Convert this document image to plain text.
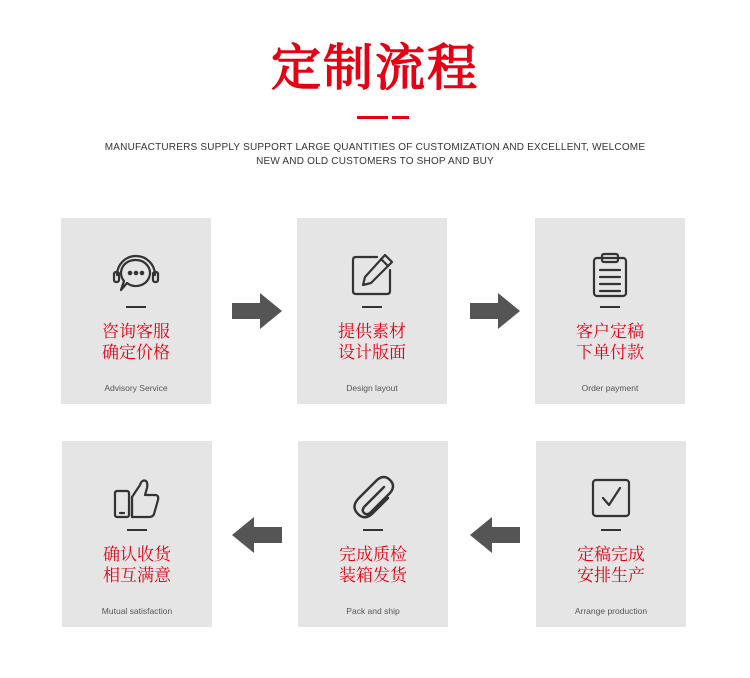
定制流程
MANUFACTURERS SUPPLY SUPPORT LARGE QUANTITIES OF CUSTOMIZATION AND EXCELLENT, WELCOME
NEW AND OLD CUSTOMERS TO SHOP AND BUY
咨询客服
确定价格
Advisory Service
提供素材
设计版面
Design layout
客户定稿
下单付款
Order payment
确认收货
相互满意
Mutual satisfaction
完成质检
装箱发货
Pack and ship
定稿完成
安排生产
Arrange production
